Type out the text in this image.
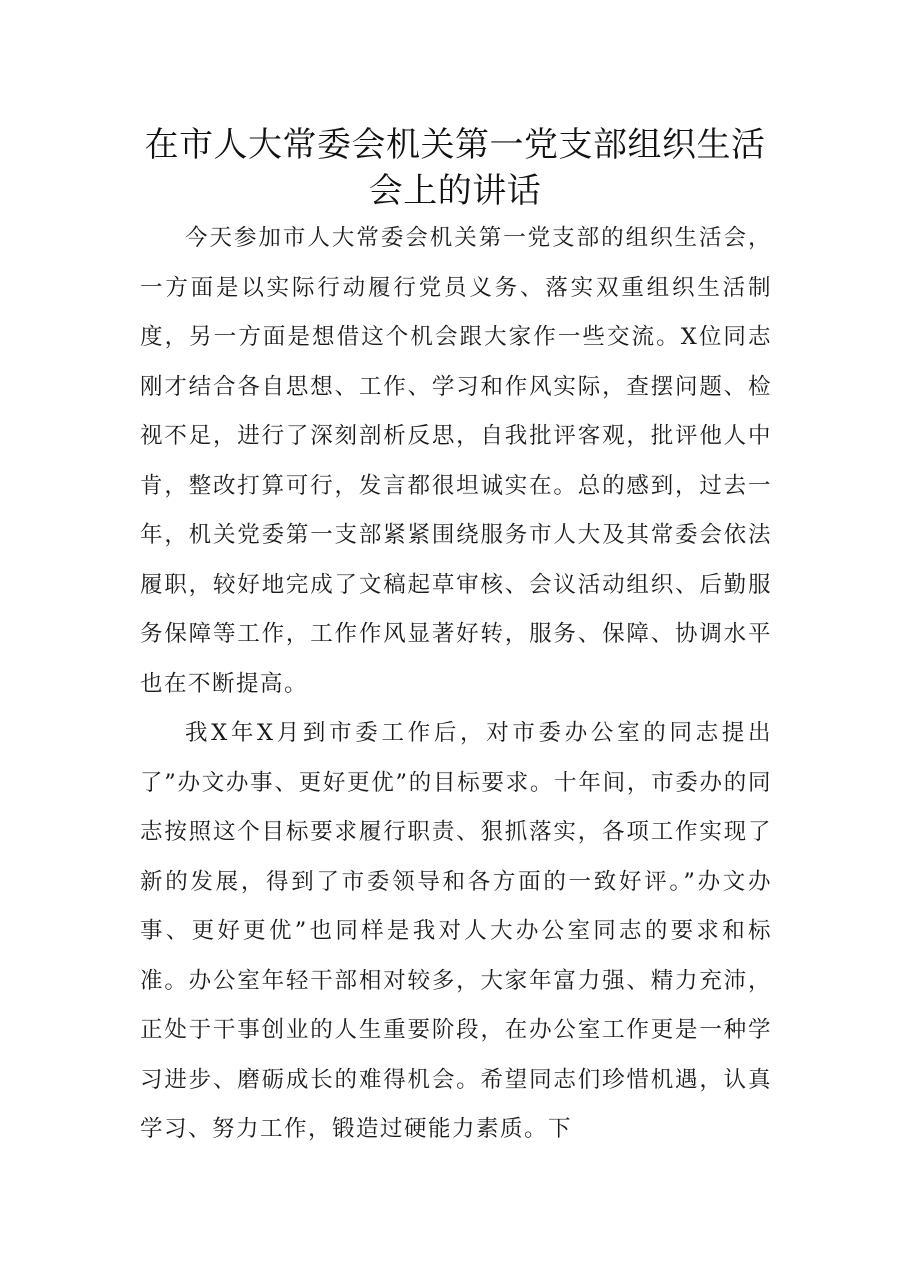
在市人大常委会机关第一党支部组织生活
会上的讲话

今天参加市人大常委会机关第一党支部的组织生活会，一方面是以实际行动履行党员义务、落实双重组织生活制度，另一方面是想借这个机会跟大家作一些交流。X位同志刚才结合各自思想、工作、学习和作风实际，查摆问题、检视不足，进行了深刻剖析反思，自我批评客观，批评他人中肯，整改打算可行，发言都很坦诚实在。总的感到，过去一年，机关党委第一支部紧紧围绕服务市人大及其常委会依法履职，较好地完成了文稿起草审核、会议活动组织、后勤服务保障等工作，工作作风显著好转，服务、保障、协调水平也在不断提高。

我X年X月到市委工作后，对市委办公室的同志提出了”办文办事、更好更优”的目标要求。十年间，市委办的同志按照这个目标要求履行职责、狠抓落实，各项工作实现了新的发展，得到了市委领导和各方面的一致好评。”办文办事、更好更优”也同样是我对人大办公室同志的要求和标准。办公室年轻干部相对较多，大家年富力强、精力充沛，正处于干事创业的人生重要阶段，在办公室工作更是一种学习进步、磨砺成长的难得机会。希望同志们珍惜机遇，认真学习、努力工作，锻造过硬能力素质。下
